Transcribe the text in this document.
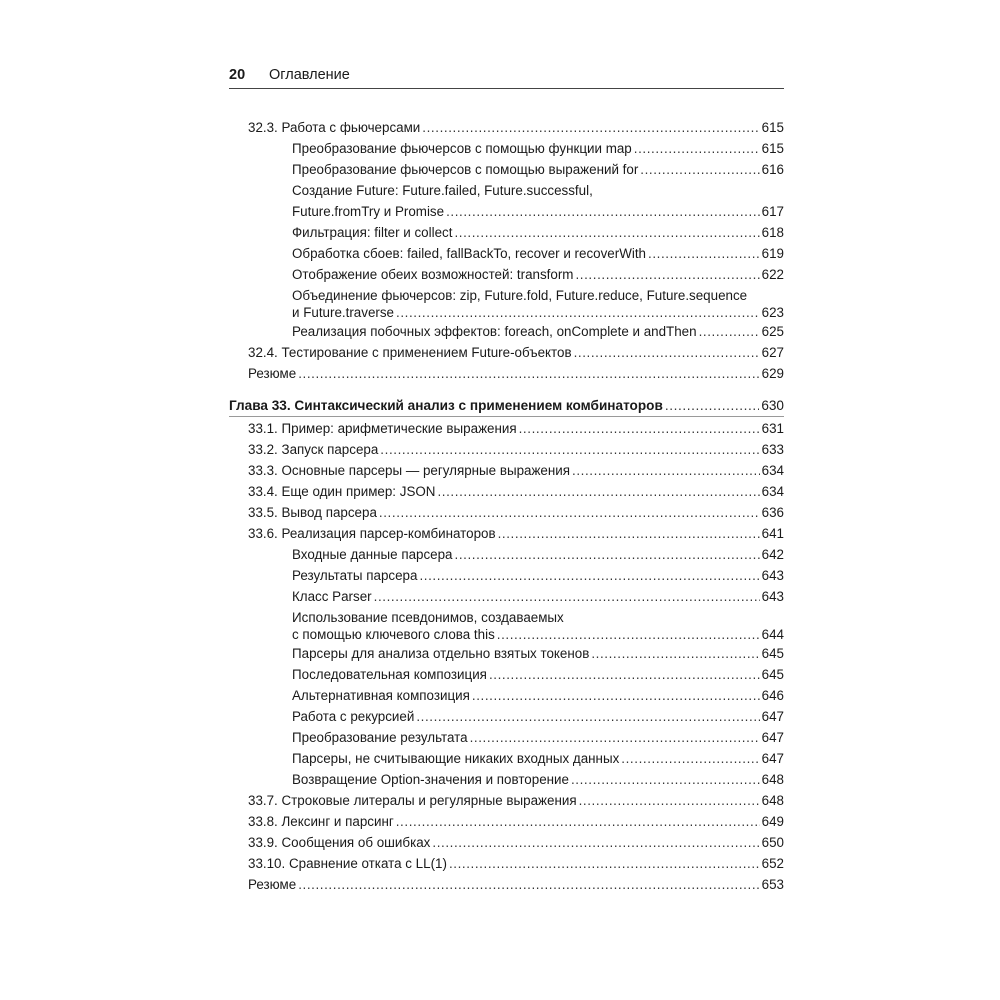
20 Оглавление
32.3. Работа с фьючерсами .....	615
Преобразование фьючерсов с помощью функции map .....	615
Преобразование фьючерсов с помощью выражений for .....	616
Создание Future: Future.failed, Future.successful,
Future.fromTry и Promise .....	617
Фильтрация: filter и collect .....	618
Обработка сбоев: failed, fallBackTo, recover и recoverWith .....	619
Отображение обеих возможностей: transform .....	622
Объединение фьючерсов: zip, Future.fold, Future.reduce, Future.sequence
и Future.traverse .....	623
Реализация побочных эффектов: foreach, onComplete и andThen .....	625
32.4. Тестирование с применением Future-объектов .....	627
Резюме .....	629
Глава 33. Синтаксический анализ с применением комбинаторов .....	630
33.1. Пример: арифметические выражения .....	631
33.2. Запуск парсера .....	633
33.3. Основные парсеры — регулярные выражения .....	634
33.4. Еще один пример: JSON .....	634
33.5. Вывод парсера .....	636
33.6. Реализация парсер-комбинаторов .....	641
Входные данные парсера .....	642
Результаты парсера .....	643
Класс Parser .....	643
Использование псевдонимов, создаваемых
с помощью ключевого слова this .....	644
Парсеры для анализа отдельно взятых токенов .....	645
Последовательная композиция .....	645
Альтернативная композиция .....	646
Работа с рекурсией .....	647
Преобразование результата .....	647
Парсеры, не считывающие никаких входных данных .....	647
Возвращение Option-значения и повторение .....	648
33.7. Строковые литералы и регулярные выражения .....	648
33.8. Лексинг и парсинг .....	649
33.9. Сообщения об ошибках .....	650
33.10. Сравнение отката с LL(1) .....	652
Резюме .....	653
